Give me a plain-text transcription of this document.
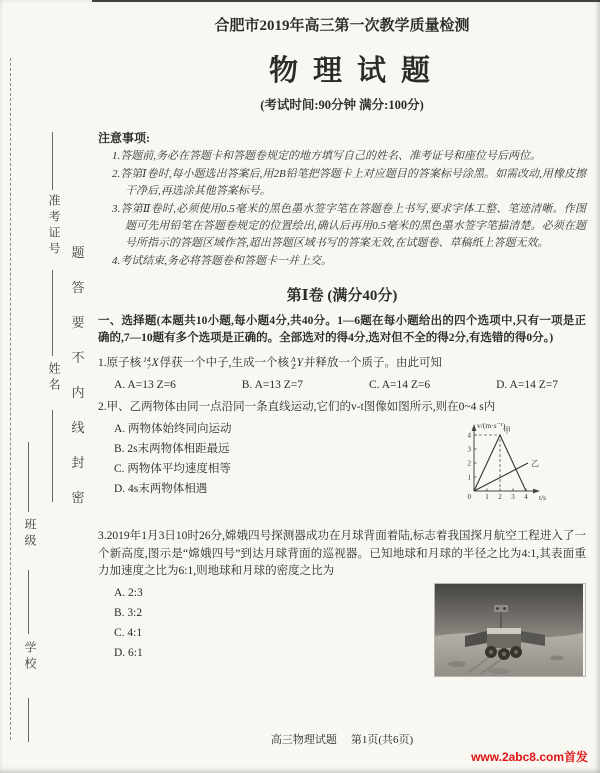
准考证号
姓名
班级
学校
题
答
要
不
内
线
封
密
合肥市2019年高三第一次教学质量检测
物理试题
(考试时间:90分钟 满分:100分)
注意事项:

1.答题前,务必在答题卡和答题卷规定的地方填写自己的姓名、准考证号和座位号后两位。

2.答第Ⅰ卷时,每小题选出答案后,用2B铅笔把答题卡上对应题目的答案标号涂黑。如需改动,用橡皮擦干净后,再选涂其他答案标号。

3.答第Ⅱ卷时,必须使用0.5毫米的黑色墨水签字笔在答题卷上书写,要求字体工整、笔迹清晰。作图题可先用铅笔在答题卷规定的位置绘出,确认后再用0.5毫米的黑色墨水签字笔描清楚。必须在题号所指示的答题区域作答,超出答题区域书写的答案无效,在试题卷、草稿纸上答题无效。

4.考试结束,务必将答题卷和答题卡一并上交。

第Ⅰ卷 (满分40分)

一、选择题(本题共10小题,每小题4分,共40分。1—6题在每小题给出的四个选项中,只有一项是正确的,7—10题有多个选项是正确的。全部选对的得4分,选对但不全的得2分,有选错的得0分。)

1.原子核 14
7 X俘获一个中子,生成一个核 A
Z Y并释放一个质子。由此可知

A. A=13 Z=6	B. A=13 Z=7	C. A=14 Z=6	D. A=14 Z=7

2.甲、乙两物体由同一点沿同一条直线运动,它们的v-t图像如图所示,则在0~4 s内

v/(m·s⁻¹)
t/s
0 1 2 3 4
1
2
3
4
甲
乙
A. 两物体始终同向运动
B. 2s末两物体相距最远
C. 两物体平均速度相等
D. 4s末两物体相遇

3.2019年1月3日10时26分,嫦娥四号探测器成功在月球背面着陆,标志着我国探月航空工程进入了一个新高度,图示是“嫦娥四号”到达月球背面的巡视器。已知地球和月球的半径之比为4:1,其表面重力加速度之比为6:1,则地球和月球的密度之比为

A. 2:3
B. 3:2
C. 4:1
D. 6:1
高三物理试题 第1页(共6页)
www.2abc8.com首发
